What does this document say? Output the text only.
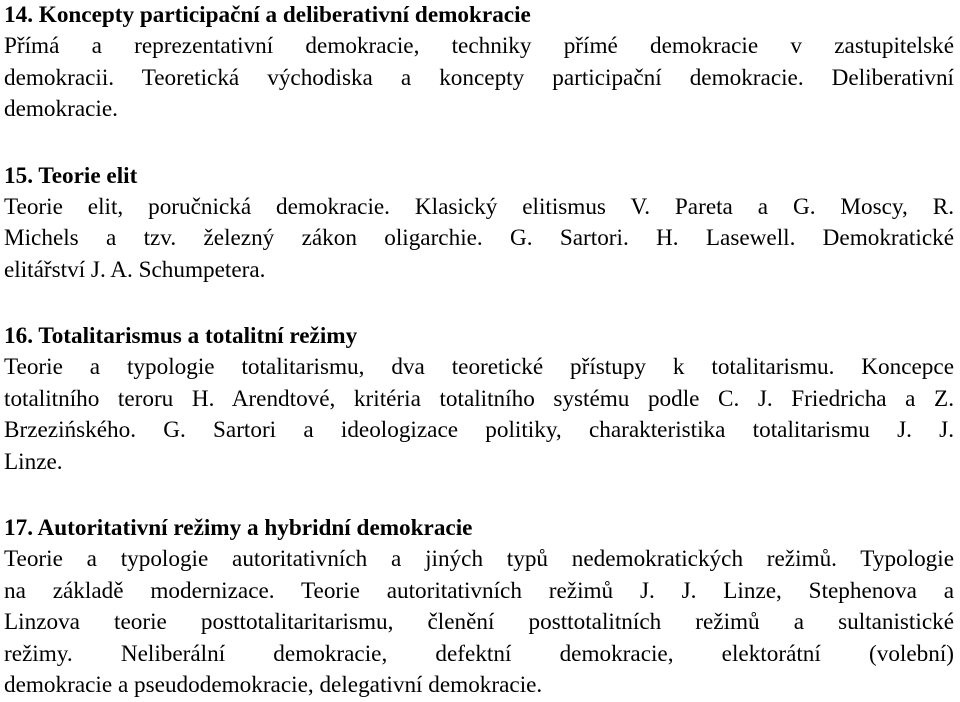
14. Koncepty participační a deliberativní demokracie
Přímá a reprezentativní demokracie, techniky přímé demokracie v zastupitelské
demokracii. Teoretická východiska a koncepty participační demokracie. Deliberativní
demokracie.
15. Teorie elit
Teorie elit, poručnická demokracie. Klasický elitismus V. Pareta a G. Moscy, R.
Michels a tzv. železný zákon oligarchie. G. Sartori. H. Lasewell. Demokratické
elitářství J. A. Schumpetera.
16. Totalitarismus a totalitní režimy
Teorie a typologie totalitarismu, dva teoretické přístupy k totalitarismu. Koncepce
totalitního teroru H. Arendtové, kritéria totalitního systému podle C. J. Friedricha a Z.
Brzezińského. G. Sartori a ideologizace politiky, charakteristika totalitarismu J. J.
Linze.
17. Autoritativní režimy a hybridní demokracie
Teorie a typologie autoritativních a jiných typů nedemokratických režimů. Typologie
na základě modernizace. Teorie autoritativních režimů J. J. Linze, Stephenova a
Linzova teorie posttotalitaritarismu, členění posttotalitních režimů a sultanistické
režimy. Neliberální demokracie, defektní demokracie, elektorátní (volební)
demokracie a pseudodemokracie, delegativní demokracie.
